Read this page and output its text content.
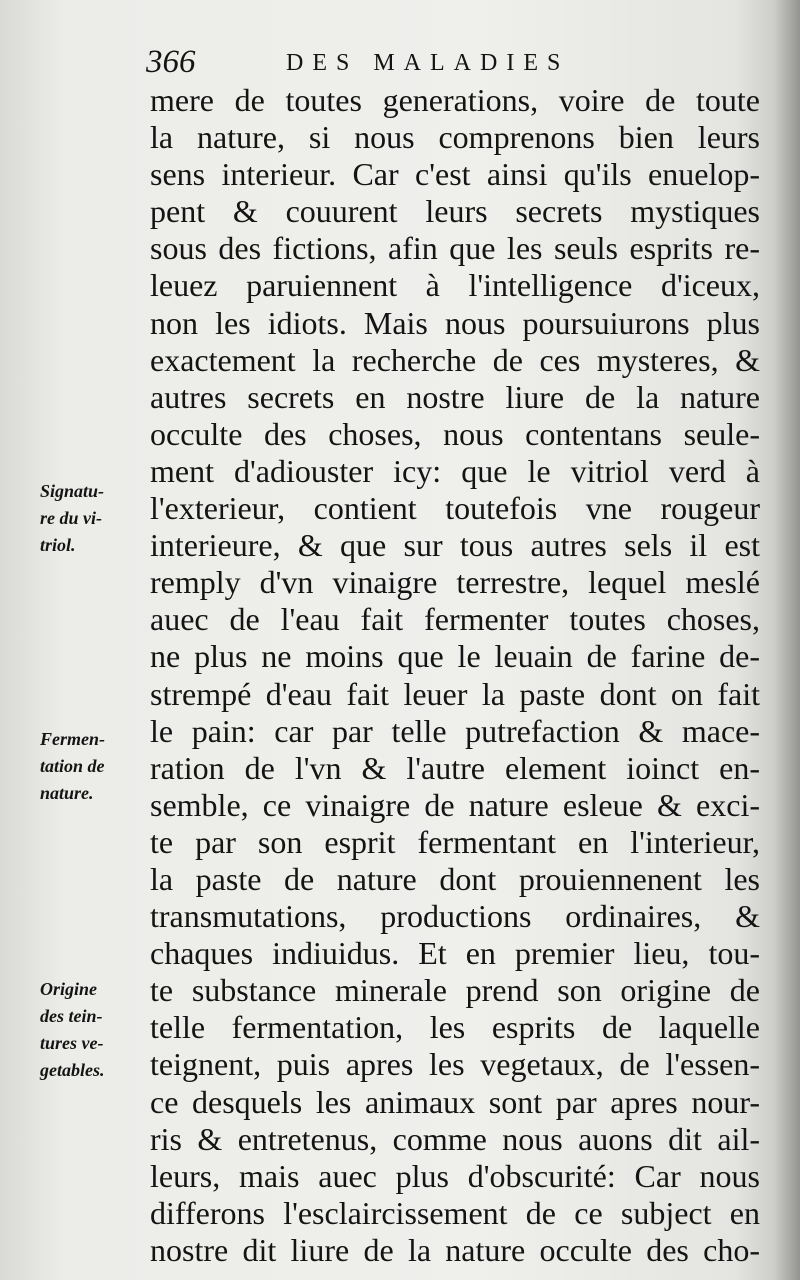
366	DES MALADIES
mere de toutes generations, voire de toute
la nature, si nous comprenons bien leurs
sens interieur. Car c'est ainsi qu'ils enuelop-
pent & couurent leurs secrets mystiques
sous des fictions, afin que les seuls esprits re-
leuez paruiennent à l'intelligence d'iceux,
non les idiots. Mais nous poursuiurons plus
exactement la recherche de ces mysteres, &
autres secrets en nostre liure de la nature
occulte des choses, nous contentans seule-
ment d'adiouster icy: que le vitriol verd à
l'exterieur, contient toutefois vne rougeur
interieure, & que sur tous autres sels il est
remply d'vn vinaigre terrestre, lequel meslé
auec de l'eau fait fermenter toutes choses,
ne plus ne moins que le leuain de farine de-
strempé d'eau fait leuer la paste dont on fait
le pain: car par telle putrefaction & mace-
ration de l'vn & l'autre element ioinct en-
semble, ce vinaigre de nature esleue & exci-
te par son esprit fermentant en l'interieur,
la paste de nature dont prouiennenent les
transmutations, productions ordinaires, &
chaques indiuidus. Et en premier lieu, tou-
te substance minerale prend son origine de
telle fermentation, les esprits de laquelle
teignent, puis apres les vegetaux, de l'essen-
ce desquels les animaux sont par apres nour-
ris & entretenus, comme nous auons dit ail-
leurs, mais auec plus d'obscurité: Car nous
differons l'esclaircissement de ce subject en
nostre dit liure de la nature occulte des cho-
Signatu-
re du vi-
triol.
Fermen-
tation de
nature.
Origine
des tein-
tures ve-
getables.
